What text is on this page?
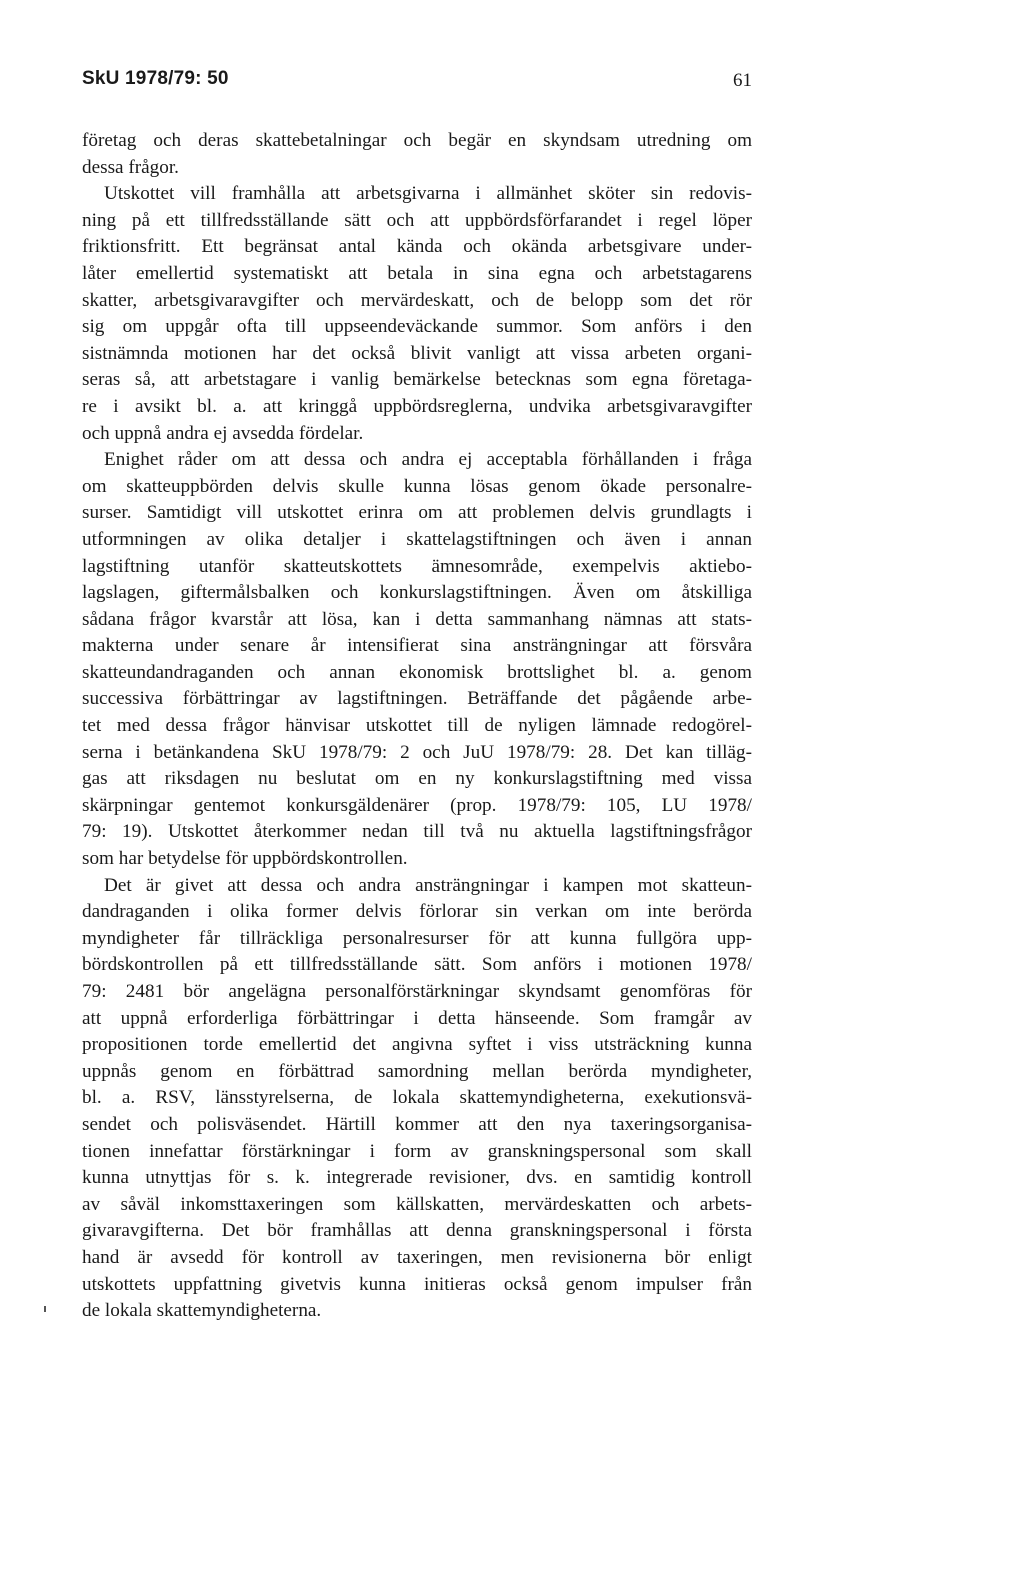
SkU 1978/79: 50	61
företag och deras skattebetalningar och begär en skyndsam utredning om
dessa frågor.
Utskottet vill framhålla att arbetsgivarna i allmänhet sköter sin redovis-
ning på ett tillfredsställande sätt och att uppbördsförfarandet i regel löper
friktionsfritt. Ett begränsat antal kända och okända arbetsgivare under-
låter emellertid systematiskt att betala in sina egna och arbetstagarens
skatter, arbetsgivaravgifter och mervärdeskatt, och de belopp som det rör
sig om uppgår ofta till uppseendeväckande summor. Som anförs i den
sistnämnda motionen har det också blivit vanligt att vissa arbeten organi-
seras så, att arbetstagare i vanlig bemärkelse betecknas som egna företaga-
re i avsikt bl. a. att kringgå uppbördsreglerna, undvika arbetsgivaravgifter
och uppnå andra ej avsedda fördelar.
Enighet råder om att dessa och andra ej acceptabla förhållanden i fråga
om skatteuppbörden delvis skulle kunna lösas genom ökade personalre-
surser. Samtidigt vill utskottet erinra om att problemen delvis grundlagts i
utformningen av olika detaljer i skattelagstiftningen och även i annan
lagstiftning utanför skatteutskottets ämnesområde, exempelvis aktiebo-
lagslagen, giftermålsbalken och konkurslagstiftningen. Även om åtskilliga
sådana frågor kvarstår att lösa, kan i detta sammanhang nämnas att stats-
makterna under senare år intensifierat sina ansträngningar att försvåra
skatteundandraganden och annan ekonomisk brottslighet bl. a. genom
successiva förbättringar av lagstiftningen. Beträffande det pågående arbe-
tet med dessa frågor hänvisar utskottet till de nyligen lämnade redogörel-
serna i betänkandena SkU 1978/79: 2 och JuU 1978/79: 28. Det kan tilläg-
gas att riksdagen nu beslutat om en ny konkurslagstiftning med vissa
skärpningar gentemot konkursgäldenärer (prop. 1978/79: 105, LU 1978/
79: 19). Utskottet återkommer nedan till två nu aktuella lagstiftningsfrågor
som har betydelse för uppbördskontrollen.
Det är givet att dessa och andra ansträngningar i kampen mot skatteun-
dandraganden i olika former delvis förlorar sin verkan om inte berörda
myndigheter får tillräckliga personalresurser för att kunna fullgöra upp-
bördskontrollen på ett tillfredsställande sätt. Som anförs i motionen 1978/
79: 2481 bör angelägna personalförstärkningar skyndsamt genomföras för
att uppnå erforderliga förbättringar i detta hänseende. Som framgår av
propositionen torde emellertid det angivna syftet i viss utsträckning kunna
uppnås genom en förbättrad samordning mellan berörda myndigheter,
bl. a. RSV, länsstyrelserna, de lokala skattemyndigheterna, exekutionsvä-
sendet och polisväsendet. Härtill kommer att den nya taxeringsorganisa-
tionen innefattar förstärkningar i form av granskningspersonal som skall
kunna utnyttjas för s. k. integrerade revisioner, dvs. en samtidig kontroll
av såväl inkomsttaxeringen som källskatten, mervärdeskatten och arbets-
givaravgifterna. Det bör framhållas att denna granskningspersonal i första
hand är avsedd för kontroll av taxeringen, men revisionerna bör enligt
utskottets uppfattning givetvis kunna initieras också genom impulser från
de lokala skattemyndigheterna.
